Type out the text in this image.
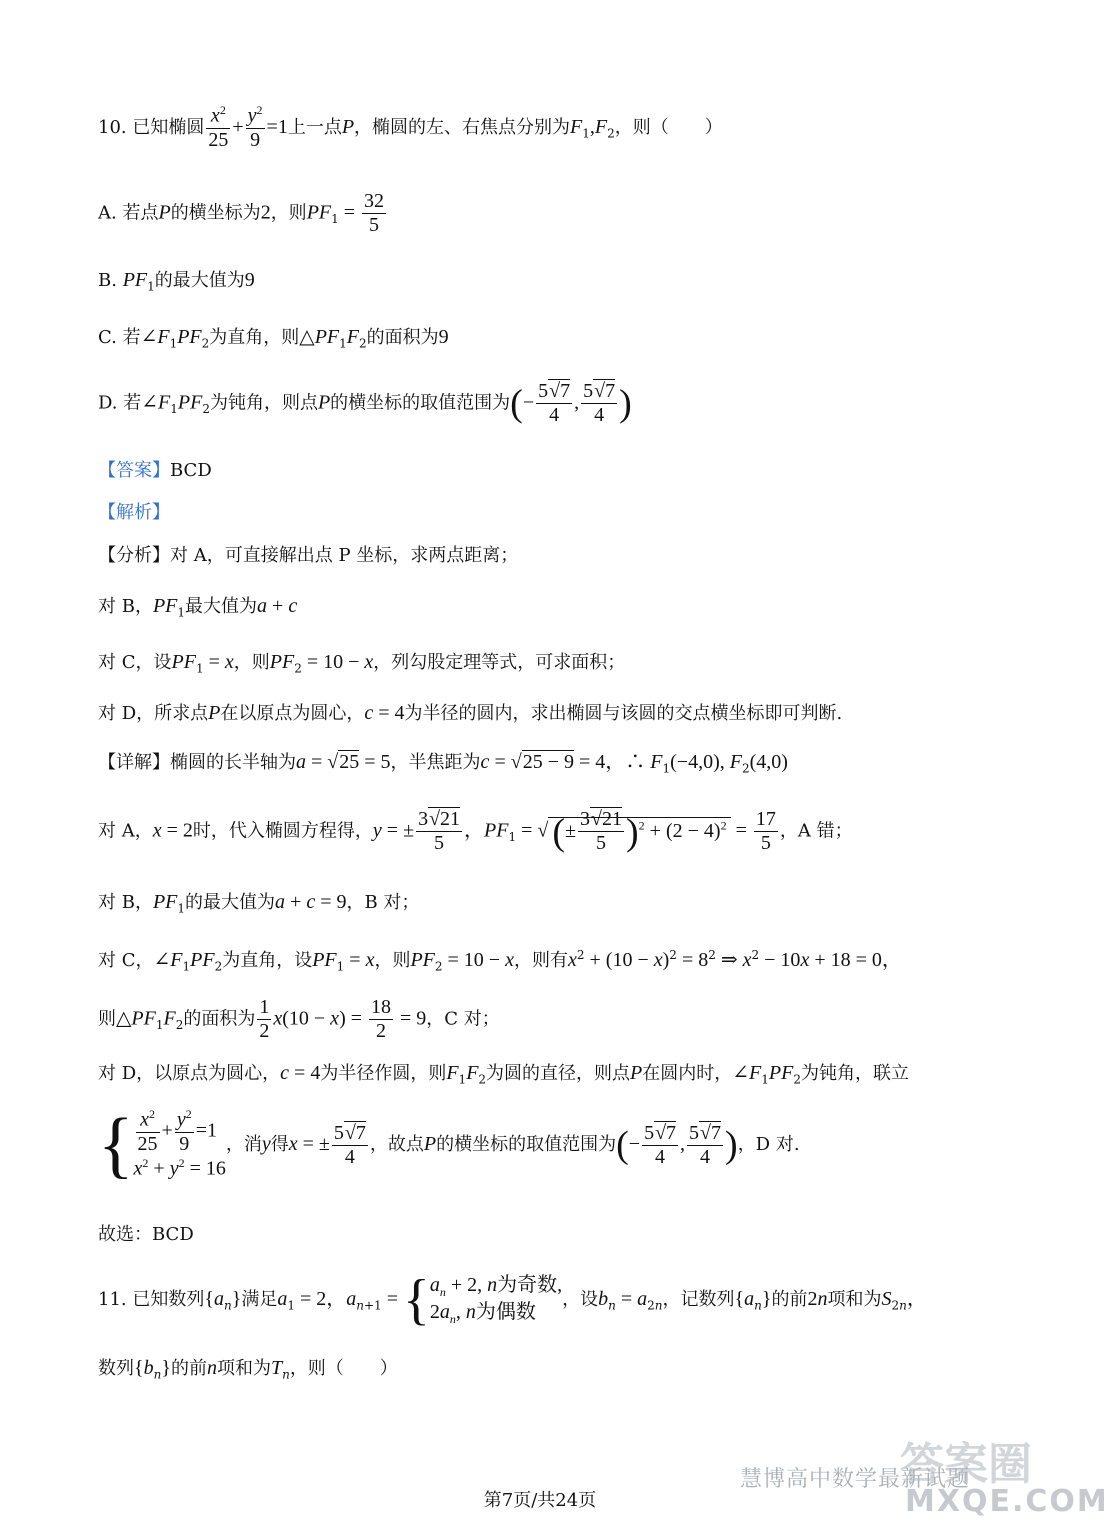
10. 已知椭圆 $\frac{x^2}{25} + \frac{y^2}{9} =1$上一点P，椭圆的左、右焦点分别为$F_1,F_2$，则（　　）
A. 若点P的横坐标为2，则$PF_1 = \frac{32}{5}$
B. $PF_1$的最大值为9
C. 若$\angle F_1PF_2$为直角，则$\triangle PF_1F_2$的面积为9
D. 若$\angle F_1PF_2$为钝角，则点P的横坐标的取值范围为(− $\frac{5√7}{4}$ , $\frac{5√7}{4}$ )
【答案】BCD
【解析】
【分析】对 A，可直接解出点 P 坐标，求两点距离；
对 B，$PF_1$最大值为a + c
对 C，设$PF_1 = x$，则$PF_2 = 10 - x$，列勾股定理等式，可求面积；
对 D，所求点P在以原点为圆心，c = 4为半径的圆内，求出椭圆与该圆的交点横坐标即可判断.
【详解】椭圆的长半轴为a = √25 = 5，半焦距为c = √25 − 9 = 4，∴ $F_1(-4,0)$, $F_2(4,0)$
对 A，x = 2时，代入椭圆方程得，y = ± $\frac{3√21}{5}$ ，$PF_1$ = √ (± $\frac{3√21}{5} )^2 + (2 - 4)^2 = \frac{17}{5}$ ，A 错；
对 B，$PF_1$的最大值为a + c = 9，B 对；
对 C，$\angle F_1PF_2$为直角，设$PF_1 = x$，则$PF_2 = 10 - x$，则有$x^2 + (10 - x)^2 = 8^2$ ⇒ $x^2 - 10x + 18 = 0$，
则$\triangle PF_1F_2$的面积为 $\frac{1}{2} x(10 - x) = \frac{18}{2} = 9$，C 对；
对 D，以原点为圆心，c = 4为半径作圆，则$F_1F_2$为圆的直径，则点P在圆内时，$\angle F_1PF_2$为钝角，联立
{ $\frac{x^2}{25} + \frac{y^2}{9} =1$
$x^2 + y^2 = 16$
，消y得x = ± $\frac{5√7}{4}$ ，故点P的横坐标的取值范围为(− $\frac{5√7}{4}$ , $\frac{5√7}{4}$ )，D 对.
故选：BCD
11. 已知数列$\{a_n\}$满足$a_1 = 2$，$a_{n+1}$ = { $a_n + 2$, n为奇数,
$2a_n$, n为偶数
，设$b_n = a_{2n}$，记数列$\{a_n\}$的前2n项和为$S_{2n}$，
数列$\{b_n\}$的前n项和为$T_n$，则（　　）
答案圈
慧博高中数学最新试题
MXQE.COM
第7页/共24页
